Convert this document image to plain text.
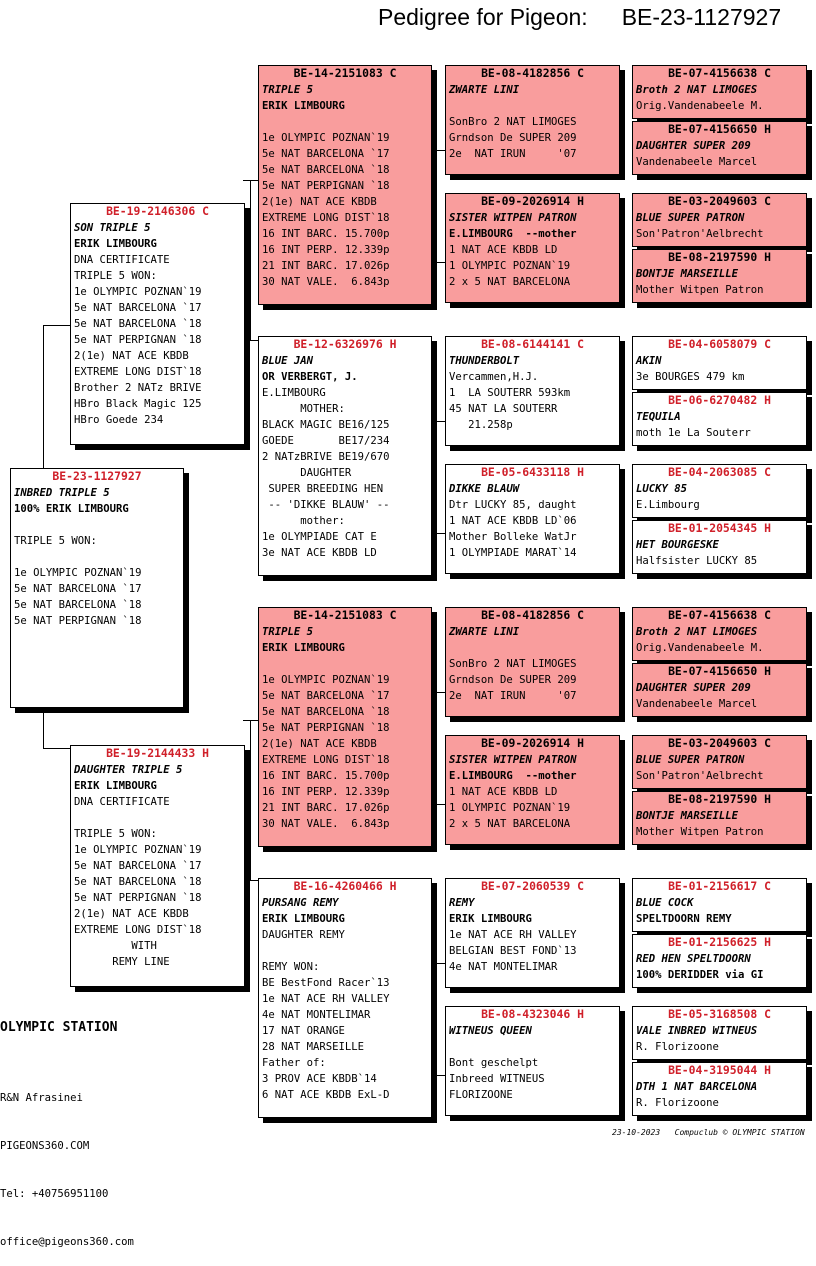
Pedigree for Pigeon: BE-23-1127927
BE-23-1127927
INBRED TRIPLE 5
100% ERIK LIMBOURG
TRIPLE 5 WON:
1e OLYMPIC POZNAN`19
5e NAT BARCELONA `17
5e NAT BARCELONA `18
5e NAT PERPIGNAN `18
BE-19-2146306 C
SON TRIPLE 5
ERIK LIMBOURG
DNA CERTIFICATE
TRIPLE 5 WON:
1e OLYMPIC POZNAN`19
5e NAT BARCELONA `17
5e NAT BARCELONA `18
5e NAT PERPIGNAN `18
2(1e) NAT ACE KBDB
EXTREME LONG DIST`18
Brother 2 NATz BRIVE
HBro Black Magic 125
HBro Goede 234
BE-19-2144433 H
DAUGHTER TRIPLE 5
ERIK LIMBOURG
DNA CERTIFICATE
TRIPLE 5 WON:
1e OLYMPIC POZNAN`19
5e NAT BARCELONA `17
5e NAT BARCELONA `18
5e NAT PERPIGNAN `18
2(1e) NAT ACE KBDB
EXTREME LONG DIST`18
WITH
REMY LINE
BE-14-2151083 C
TRIPLE 5
ERIK LIMBOURG
1e OLYMPIC POZNAN`19
5e NAT BARCELONA `17
5e NAT BARCELONA `18
5e NAT PERPIGNAN `18
2(1e) NAT ACE KBDB
EXTREME LONG DIST`18
16 INT BARC. 15.700p
16 INT PERP. 12.339p
21 INT BARC. 17.026p
30 NAT VALE.  6.843p
BE-12-6326976 H
BLUE JAN
OR VERBERGT, J.
E.LIMBOURG
MOTHER:
BLACK MAGIC BE16/125
GOEDE       BE17/234
2 NATzBRIVE BE19/670
DAUGHTER
SUPER BREEDING HEN
-- 'DIKKE BLAUW' --
mother:
1e OLYMPIADE CAT E
3e NAT ACE KBDB LD
BE-14-2151083 C
TRIPLE 5
ERIK LIMBOURG
1e OLYMPIC POZNAN`19
5e NAT BARCELONA `17
5e NAT BARCELONA `18
5e NAT PERPIGNAN `18
2(1e) NAT ACE KBDB
EXTREME LONG DIST`18
16 INT BARC. 15.700p
16 INT PERP. 12.339p
21 INT BARC. 17.026p
30 NAT VALE.  6.843p
BE-16-4260466 H
PURSANG REMY
ERIK LIMBOURG
DAUGHTER REMY
REMY WON:
BE BestFond Racer`13
1e NAT ACE RH VALLEY
4e NAT MONTELIMAR
17 NAT ORANGE
28 NAT MARSEILLE
Father of:
3 PROV ACE KBDB`14
6 NAT ACE KBDB ExL-D
BE-08-4182856 C
ZWARTE LINI
SonBro 2 NAT LIMOGES
Grndson De SUPER 209
2e  NAT IRUN     '07
BE-09-2026914 H
SISTER WITPEN PATRON
E.LIMBOURG  --mother
1 NAT ACE KBDB LD
1 OLYMPIC POZNAN`19
2 x 5 NAT BARCELONA
BE-08-6144141 C
THUNDERBOLT
Vercammen,H.J.
1  LA SOUTERR 593km
45 NAT LA SOUTERR
21.258p
BE-05-6433118 H
DIKKE BLAUW
Dtr LUCKY 85, daught
1 NAT ACE KBDB LD`06
Mother Bolleke WatJr
1 OLYMPIADE MARAT`14
BE-08-4182856 C
ZWARTE LINI
SonBro 2 NAT LIMOGES
Grndson De SUPER 209
2e  NAT IRUN     '07
BE-09-2026914 H
SISTER WITPEN PATRON
E.LIMBOURG  --mother
1 NAT ACE KBDB LD
1 OLYMPIC POZNAN`19
2 x 5 NAT BARCELONA
BE-07-2060539 C
REMY
ERIK LIMBOURG
1e NAT ACE RH VALLEY
BELGIAN BEST FOND`13
4e NAT MONTELIMAR
BE-08-4323046 H
WITNEUS QUEEN
Bont geschelpt
Inbreed WITNEUS
FLORIZOONE
BE-07-4156638 C
Broth 2 NAT LIMOGES
Orig.Vandenabeele M.
BE-07-4156650 H
DAUGHTER SUPER 209
Vandenabeele Marcel
BE-03-2049603 C
BLUE SUPER PATRON
Son'Patron'Aelbrecht
BE-08-2197590 H
BONTJE MARSEILLE
Mother Witpen Patron
BE-04-6058079 C
AKIN
3e BOURGES 479 km
BE-06-6270482 H
TEQUILA
moth 1e La Souterr
BE-04-2063085 C
LUCKY 85
E.Limbourg
BE-01-2054345 H
HET BOURGESKE
Halfsister LUCKY 85
BE-07-4156638 C
Broth 2 NAT LIMOGES
Orig.Vandenabeele M.
BE-07-4156650 H
DAUGHTER SUPER 209
Vandenabeele Marcel
BE-03-2049603 C
BLUE SUPER PATRON
Son'Patron'Aelbrecht
BE-08-2197590 H
BONTJE MARSEILLE
Mother Witpen Patron
BE-01-2156617 C
BLUE COCK
SPELTDOORN REMY
BE-01-2156625 H
RED HEN SPELTDOORN
100% DERIDDER via GI
BE-05-3168508 C
VALE INBRED WITNEUS
R. Florizoone
BE-04-3195044 H
DTH 1 NAT BARCELONA
R. Florizoone
OLYMPIC STATION

R&N Afrasinei

PIGEONS360.COM

Tel: +40756951100

office@pigeons360.com

23-10-2023 Compuclub © OLYMPIC STATION
